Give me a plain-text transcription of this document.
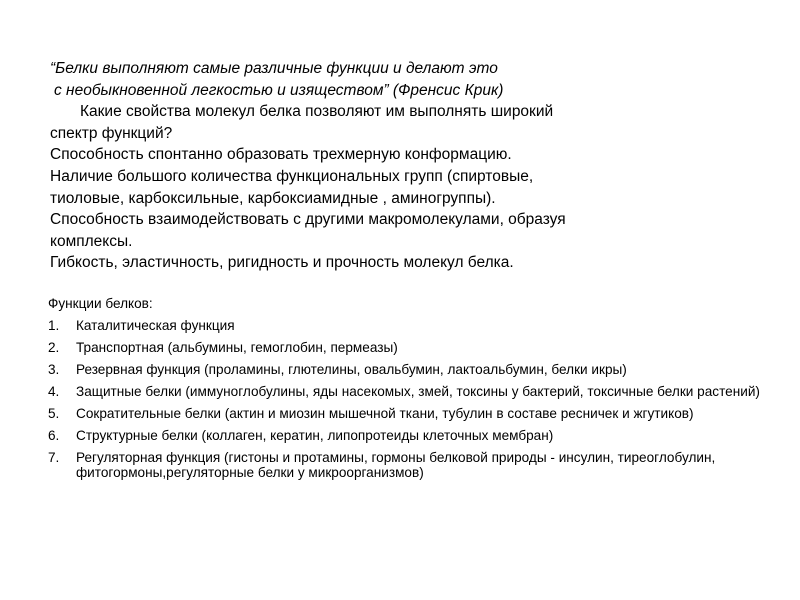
“Белки выполняют самые различные функции и делают это
с необыкновенной легкостью и изяществом” (Френсис Крик)
Какие свойства молекул белка позволяют им выполнять широкий
спектр функций?
Способность спонтанно образовать трехмерную конформацию.
Наличие большого количества функциональных групп (спиртовые,
тиоловые, карбоксильные, карбоксиамидные , аминогруппы).
Способность взаимодействовать с другими макромолекулами, образуя
комплексы.
Гибкость, эластичность, ригидность и прочность молекул белка.
Функции белков:
1. Каталитическая функция
2. Транспортная (альбумины, гемоглобин, пермеазы)
3. Резервная функция (проламины, глютелины, овальбумин, лактоальбумин, белки икры)
4. Защитные белки (иммуноглобулины, яды насекомых, змей, токсины у бактерий, токсичные белки растений)
5. Сократительные белки (актин и миозин мышечной ткани, тубулин в составе ресничек и жгутиков)
6. Структурные белки (коллаген, кератин, липопротеиды клеточных мембран)
7. Регуляторная функция (гистоны и протамины, гормоны белковой природы - инсулин, тиреоглобулин, фитогормоны,регуляторные белки у микроорганизмов)
